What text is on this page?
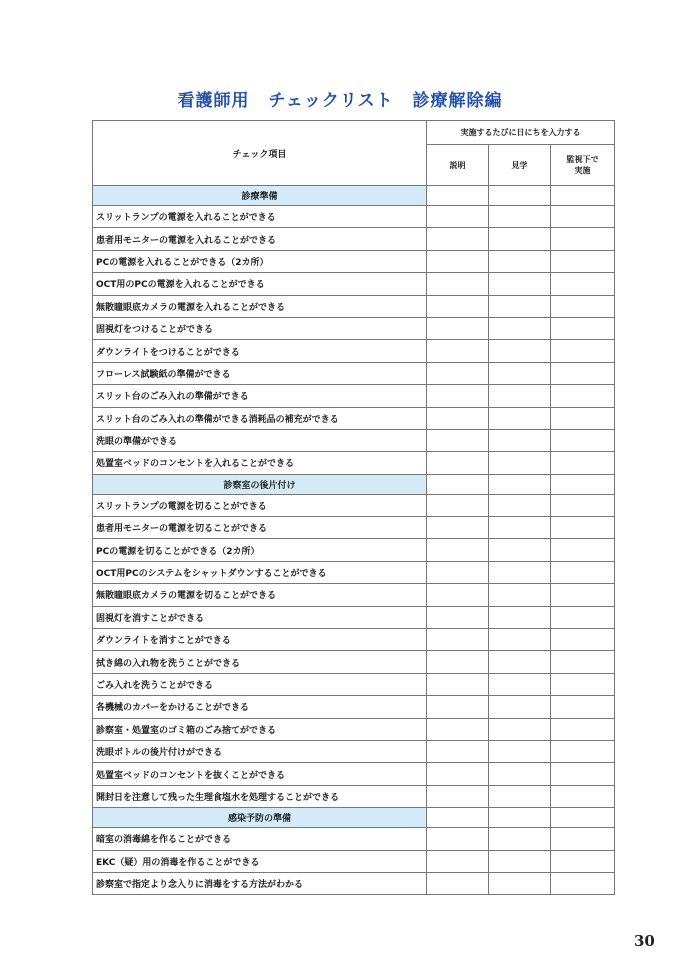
看護師用 チェックリスト 診療解除編
チェック項目	実施するたびに日にちを入力する		
	説明	見学	監視下で
実施
診療準備			
スリットランプの電源を入れることができる			
患者用モニターの電源を入れることができる			
PCの電源を入れることができる（2カ所）			
OCT用のPCの電源を入れることができる			
無散瞳眼底カメラの電源を入れることができる			
固視灯をつけることができる			
ダウンライトをつけることができる			
フローレス試験紙の準備ができる			
スリット台のごみ入れの準備ができる			
スリット台のごみ入れの準備ができる消耗品の補充ができる			
洗眼の準備ができる			
処置室ベッドのコンセントを入れることができる			
診察室の後片付け			
スリットランプの電源を切ることができる			
患者用モニターの電源を切ることができる			
PCの電源を切ることができる（2カ所）			
OCT用PCのシステムをシャットダウンすることができる			
無散瞳眼底カメラの電源を切ることができる			
固視灯を消すことができる			
ダウンライトを消すことができる			
拭き綿の入れ物を洗うことができる			
ごみ入れを洗うことができる			
各機械のカバーをかけることができる			
診察室・処置室のゴミ箱のごみ捨てができる			
洗眼ボトルの後片付けができる			
処置室ベッドのコンセントを抜くことができる			
開封日を注意して残った生理食塩水を処理することができる			
感染予防の準備			
暗室の消毒綿を作ることができる			
EKC（疑）用の消毒を作ることができる			
診察室で指定より念入りに消毒をする方法がわかる			
30
